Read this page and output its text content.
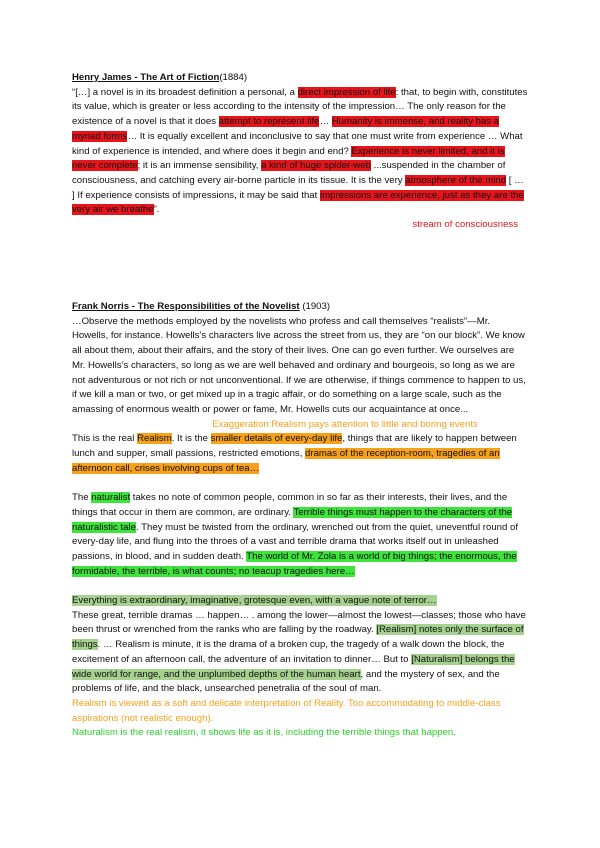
Henry James - The Art of Fiction(1884)

“[…] a novel is in its broadest definition a personal, a direct impression of life: that, to begin with, constitutes its value, which is greater or less according to the intensity of the impression… The only reason for the existence of a novel is that it does attempt to represent life… Humanity is immense, and reality has a myriad forms… It is equally excellent and inconclusive to say that one must write from experience … What kind of experience is intended, and where does it begin and end? Experience is never limited, and it is never complete; it is an immense sensibility, a kind of huge spider-web ...suspended in the chamber of consciousness, and catching every air-borne particle in its tissue. It is the very atmosphere of the mind [ … ] If experience consists of impressions, it may be said that impressions are experience, just as they are the very air we breathe”.

stream of consciousness

Frank Norris - The Responsibilities of the Novelist (1903)

…Observe the methods employed by the novelists who profess and call themselves “realists”—Mr. Howells, for instance. Howells’s characters live across the street from us, they are “on our block”. We know all about them, about their affairs, and the story of their lives. One can go even further. We ourselves are Mr. Howells’s characters, so long as we are well behaved and ordinary and bourgeois, so long as we are not adventurous or not rich or not unconventional. If we are otherwise, if things commence to happen to us, if we kill a man or two, or get mixed up in a tragic affair, or do something on a large scale, such as the amassing of enormous wealth or power or fame, Mr. Howells cuts our acquaintance at once...

Exaggeration:Realism pays attention to little and boring events

This is the real Realism. It is the smaller details of every-day life, things that are likely to happen between lunch and supper, small passions, restricted emotions, dramas of the reception-room, tragedies of an afternoon call, crises involving cups of tea…

The naturalist takes no note of common people, common in so far as their interests, their lives, and the things that occur in them are common, are ordinary. Terrible things must happen to the characters of the naturalistic tale. They must be twisted from the ordinary, wrenched out from the quiet, uneventful round of every-day life, and flung into the throes of a vast and terrible drama that works itself out in unleashed passions, in blood, and in sudden death. The world of Mr. Zola is a world of big things; the enormous, the formidable, the terrible, is what counts; no teacup tragedies here…

Everything is extraordinary, imaginative, grotesque even, with a vague note of terror…
These great, terrible dramas … happen… . among the lower—almost the lowest—classes; those who have been thrust or wrenched from the ranks who are falling by the roadway. [Realism] notes only the surface of things. … Realism is minute, it is the drama of a broken cup, the tragedy of a walk down the block, the excitement of an afternoon call, the adventure of an invitation to dinner… But to [Naturalism] belongs the wide world for range, and the unplumbed depths of the human heart, and the mystery of sex, and the problems of life, and the black, unsearched penetralia of the soul of man.

Realism is viewed as a soft and delicate interpretation of Reality. Too accommodating to middle-class aspirations (not realistic enough).

Naturalism is the real realism, it shows life as it is, including the terrible things that happen.
